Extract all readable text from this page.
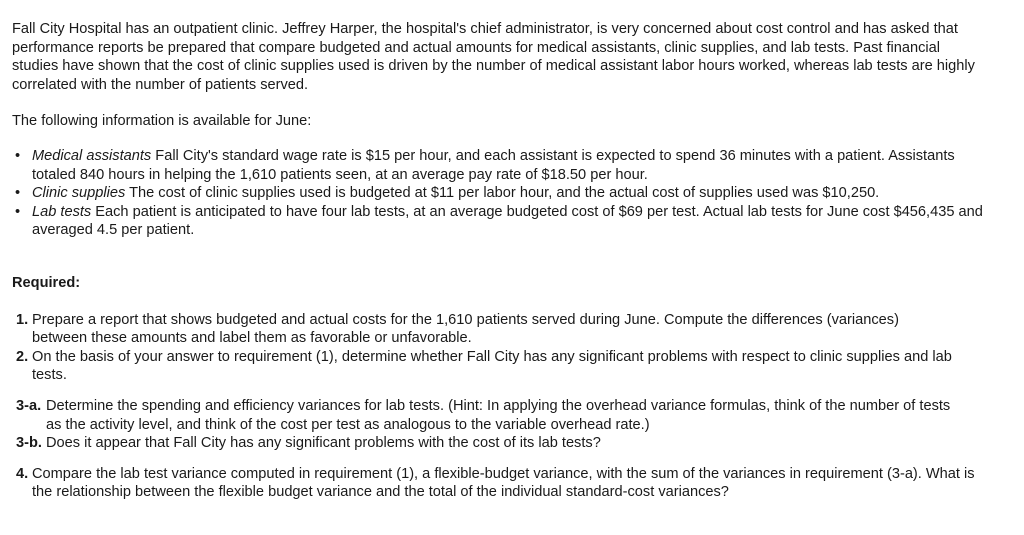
Fall City Hospital has an outpatient clinic. Jeffrey Harper, the hospital's chief administrator, is very concerned about cost control and has asked that performance reports be prepared that compare budgeted and actual amounts for medical assistants, clinic supplies, and lab tests. Past financial studies have shown that the cost of clinic supplies used is driven by the number of medical assistant labor hours worked, whereas lab tests are highly correlated with the number of patients served.

The following information is available for June:

• Medical assistants Fall City's standard wage rate is $15 per hour, and each assistant is expected to spend 36 minutes with a patient. Assistants totaled 840 hours in helping the 1,610 patients seen, at an average pay rate of $18.50 per hour.
• Clinic supplies The cost of clinic supplies used is budgeted at $11 per labor hour, and the actual cost of supplies used was $10,250.
• Lab tests Each patient is anticipated to have four lab tests, at an average budgeted cost of $69 per test. Actual lab tests for June cost $456,435 and averaged 4.5 per patient.

Required:

1. Prepare a report that shows budgeted and actual costs for the 1,610 patients served during June. Compute the differences (variances) between these amounts and label them as favorable or unfavorable.
2. On the basis of your answer to requirement (1), determine whether Fall City has any significant problems with respect to clinic supplies and lab tests.
3-a. Determine the spending and efficiency variances for lab tests. (Hint: In applying the overhead variance formulas, think of the number of tests as the activity level, and think of the cost per test as analogous to the variable overhead rate.)
3-b. Does it appear that Fall City has any significant problems with the cost of its lab tests?
4. Compare the lab test variance computed in requirement (1), a flexible-budget variance, with the sum of the variances in requirement (3-a). What is the relationship between the flexible budget variance and the total of the individual standard-cost variances?
